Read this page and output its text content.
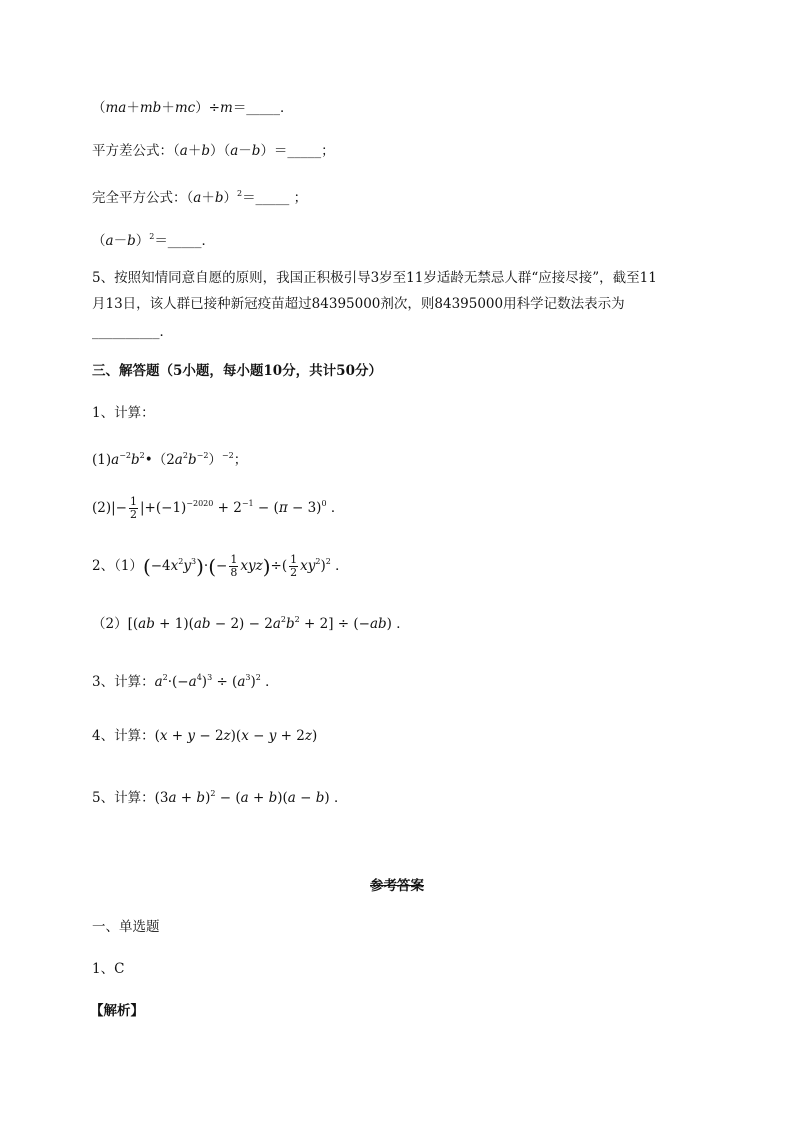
（ma＋mb＋mc）÷m＝_____．
平方差公式：（a＋b）（a－b）＝_____；
完全平方公式：$(a+b)^2=\_\_\_\_\_$ ；
$(a-b)^2=\_\_\_\_\_$．
5、按照知情同意自愿的原则，我国正积极引导3岁至11岁适龄无禁忌人群“应接尽接”，截至11
月13日，该人群已接种新冠疫苗超过84395000剂次，则84395000用科学记数法表示为
__________．
三、解答题（5小题，每小题10分，共计50分）
1、计算：
$(1)a^{-2}b^2•(2a^2b^{-2})^{-2}$；
$(2)|- \frac{1}{2} |+(-1)^{-2020} + 2^{-1} - (\pi - 3)^0$ ．
2、$(1)(-4x^2y^3)\cdot(- \frac{1}{8} xyz)\div( \frac{1}{2} xy^2)^2$ ．
$(2)[(ab + 1)(ab - 2) - 2a^2b^2 + 2] \div (-ab)$ ．
3、计算：$a^2\cdot(-a^4)^3 \div (a^3)^2$ ．
4、计算：(x + y − 2z)(x − y + 2z)
5、计算：$(3a + b)^2 - (a + b)(a - b)$ ．
参考答案
一、单选题
1、C
【解析】
